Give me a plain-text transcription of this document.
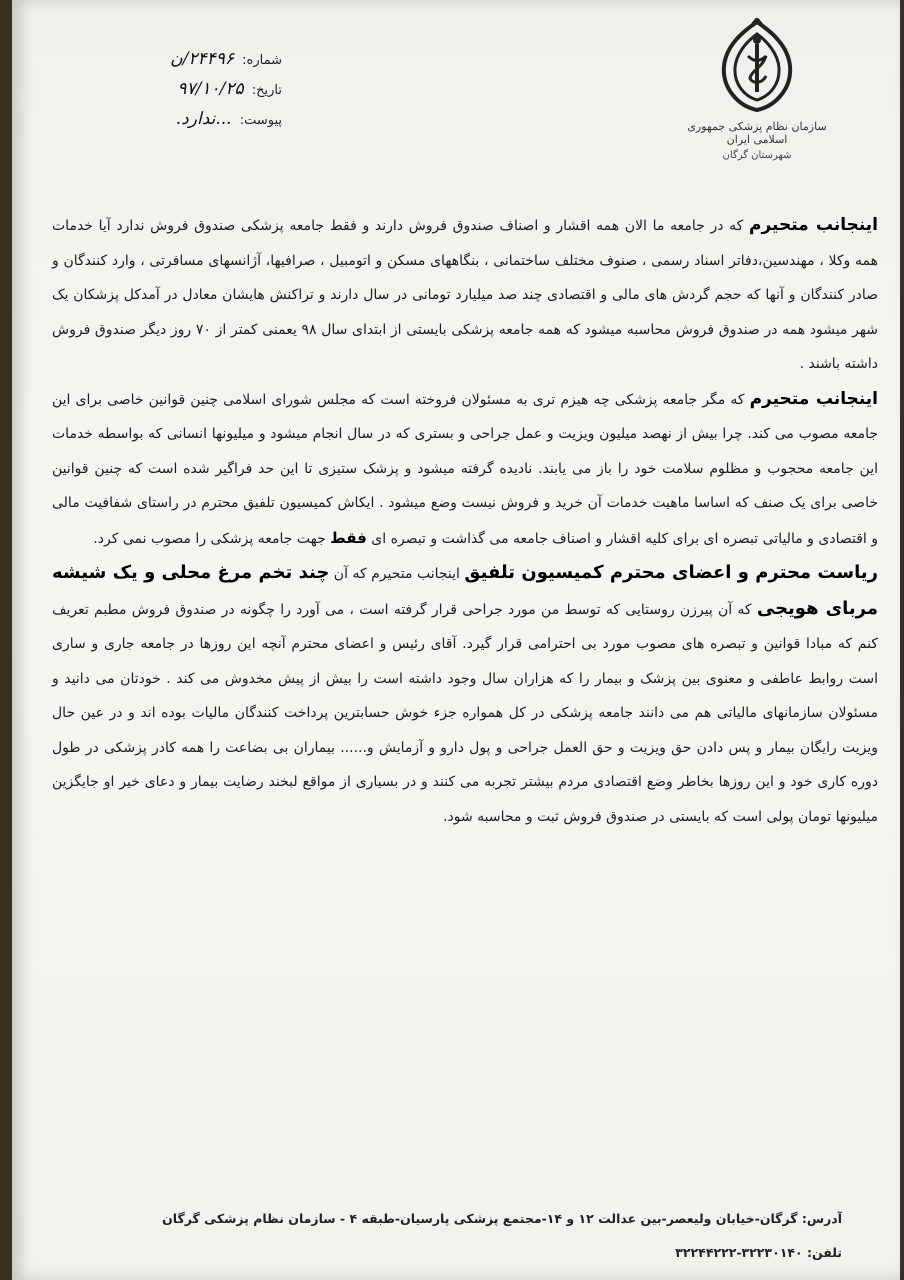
سازمان نظام پزشکی جمهوری اسلامی ایران
شهرستان گرگان
شماره: ۲۴۴۹۶/ن
تاریخ: ۹۷/۱۰/۲۵
پیوست: ...ندارد.

اینجانب متحیرم که در جامعه ما الان همه اقشار و اصناف صندوق فروش دارند و فقط جامعه پزشکی صندوق فروش ندارد آیا خدمات همه وکلا ، مهندسین،دفاتر اسناد رسمی ، صنوف مختلف ساختمانی ، بنگاههای مسکن و اتومبیل ، صرافیها، آژانسهای مسافرتی ، وارد کنندگان و صادر کنندگان و آنها که حجم گردش های مالی و اقتصادی چند صد میلیارد تومانی در سال دارند و تراکنش هایشان معادل در آمدکل پزشکان یک شهر میشود همه در صندوق فروش محاسبه میشود که همه جامعه پزشکی بایستی از ابتدای سال ۹۸ یعمنی کمتر از ۷۰ روز دیگر صندوق فروش داشته باشند .

اینجانب متحیرم که مگر جامعه پزشکی چه هیزم تری به مسئولان فروخته است که مجلس شورای اسلامی چنین قوانین خاصی برای این جامعه مصوب می کند. چرا بیش از نهصد میلیون ویزیت و عمل جراحی و بستری که در سال انجام میشود و میلیونها انسانی که بواسطه خدمات این جامعه محجوب و مظلوم سلامت خود را باز می یابند. نادیده گرفته میشود و پزشک ستیزی تا این حد فراگیر شده است که چنین قوانین خاصی برای یک صنف که اساسا ماهیت خدمات آن خرید و فروش نیست وضع میشود . ایکاش کمیسیون تلفیق محترم در راستای شفافیت مالی و اقتصادی و مالیاتی تبصره ای برای کلیه اقشار و اصناف جامعه می گذاشت و تبصره ای فقط جهت جامعه پزشکی را مصوب نمی کرد.

ریاست محترم و اعضای محترم کمیسیون تلفیق اینجانب متحیرم که آن چند تخم مرغ محلی و یک شیشه مربای هویجی که آن پیرزن روستایی که توسط من مورد جراحی قرار گرفته است ، می آورد را چگونه در صندوق فروش مطبم تعریف کنم که مبادا قوانین و تبصره های مصوب مورد بی احترامی قرار گیرد. آقای رئیس و اعضای محترم آنچه این روزها در جامعه جاری و ساری است روابط عاطفی و معنوی بین پزشک و بیمار را که هزاران سال وجود داشته است را بیش از پیش مخدوش می کند . خودتان می دانید و مسئولان سازمانهای مالیاتی هم می دانند جامعه پزشکی در کل همواره جزء خوش حسابترین پرداخت کنندگان مالیات بوده اند و در عین حال ویزیت رایگان بیمار و پس دادن حق ویزیت و حق العمل جراحی و پول دارو و آزمایش و...... بیماران بی بضاعت را همه کادر پزشکی در طول دوره کاری خود و این روزها بخاطر وضع اقتصادی مردم بیشتر تجربه می کنند و در بسیاری از مواقع لبخند رضایت بیمار و دعای خیر او جایگزین میلیونها تومان پولی است که بایستی در صندوق فروش ثبت و محاسبه شود.

آدرس: گرگان-خیابان ولیعصر-بین عدالت ۱۲ و ۱۴-مجتمع پزشکی پارسیان-طبقه ۴ - سازمان نظام پزشکی گرگان
تلفن: ۳۲۲۳۰۱۴۰-۳۲۲۴۴۲۲۲
